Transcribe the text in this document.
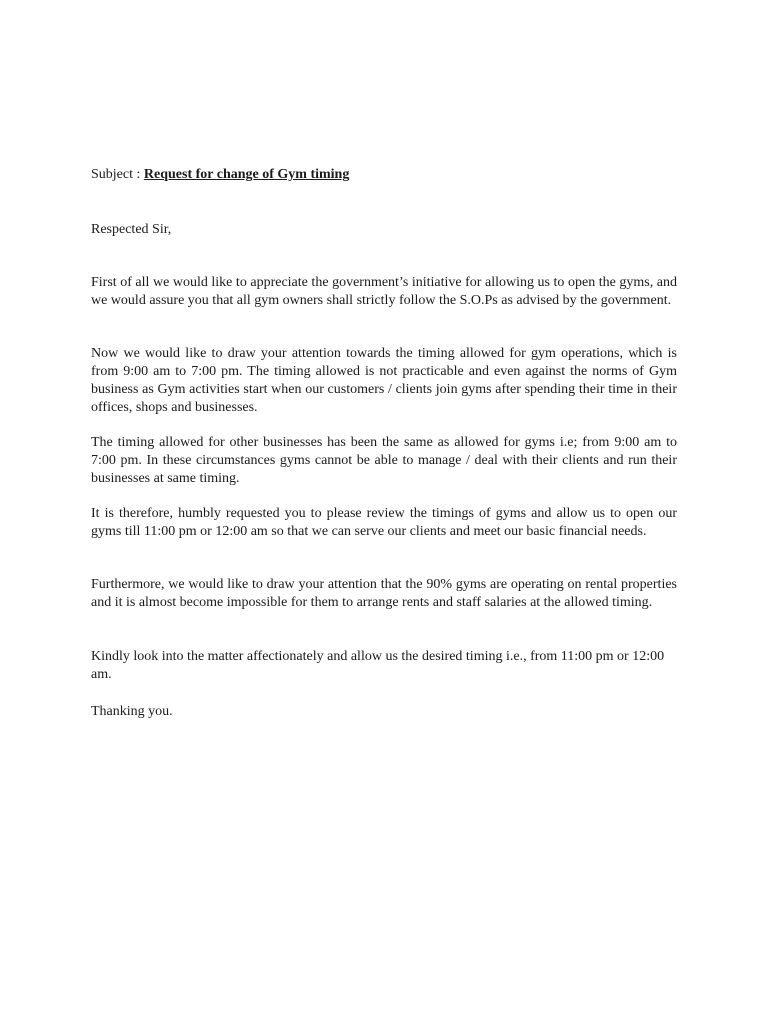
Subject : Request for change of Gym timing
Respected Sir,

First of all we would like to appreciate the government’s initiative for allowing us to open the gyms, and we would assure you that all gym owners shall strictly follow the S.O.Ps as advised by the government.

Now we would like to draw your attention towards the timing allowed for gym operations, which is from 9:00 am to 7:00 pm. The timing allowed is not practicable and even against the norms of Gym business as Gym activities start when our customers / clients join gyms after spending their time in their offices, shops and businesses.

The timing allowed for other businesses has been the same as allowed for gyms i.e; from 9:00 am to 7:00 pm. In these circumstances gyms cannot be able to manage / deal with their clients and run their businesses at same timing.

It is therefore, humbly requested you to please review the timings of gyms and allow us to open our gyms till 11:00 pm or 12:00 am so that we can serve our clients and meet our basic financial needs.

Furthermore, we would like to draw your attention that the 90% gyms are operating on rental properties and it is almost become impossible for them to arrange rents and staff salaries at the allowed timing.

Kindly look into the matter affectionately and allow us the desired timing i.e., from 11:00 pm or 12:00 am.

Thanking you.
